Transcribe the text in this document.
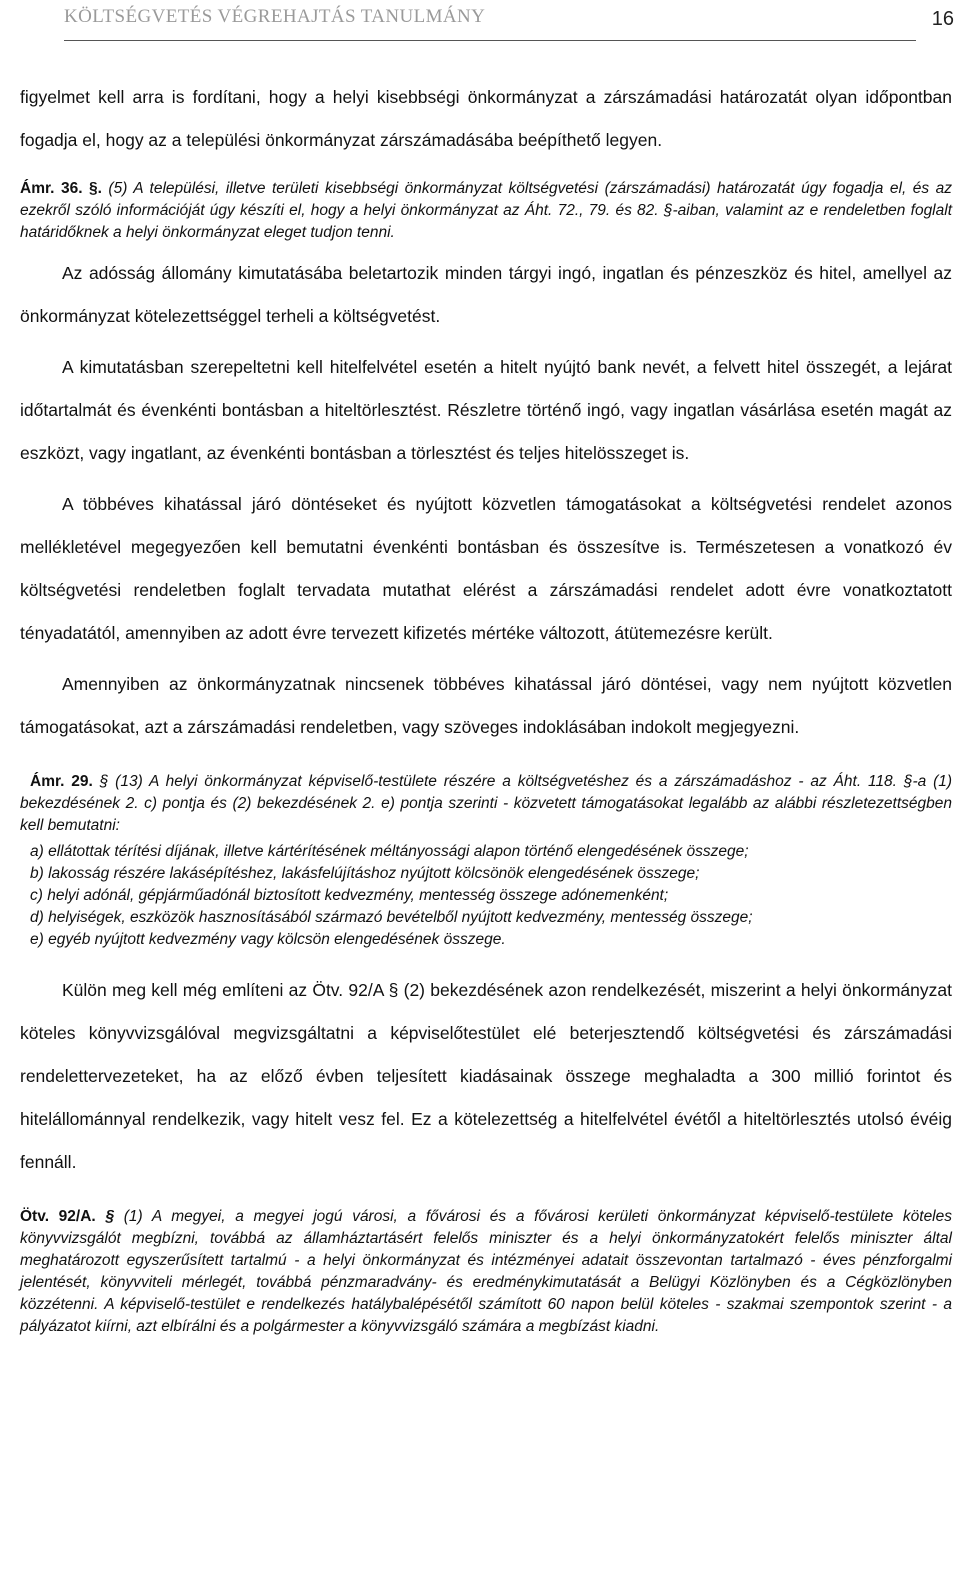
KÖLTSÉGVETÉS VÉGREHAJTÁS TANULMÁNY	16

figyelmet kell arra is fordítani, hogy a helyi kisebbségi önkormányzat a zárszámadási határozatát olyan időpontban fogadja el, hogy az a települési önkormányzat zárszámadásába beépíthető legyen.

Ámr. 36. §. (5) A települési, illetve területi kisebbségi önkormányzat költségvetési (zárszámadási) határozatát úgy fogadja el, és az ezekről szóló információját úgy készíti el, hogy a helyi önkormányzat az Áht. 72., 79. és 82. §-aiban, valamint az e rendeletben foglalt határidőknek a helyi önkormányzat eleget tudjon tenni.

Az adósság állomány kimutatásába beletartozik minden tárgyi ingó, ingatlan és pénzeszköz és hitel, amellyel az önkormányzat kötelezettséggel terheli a költségvetést.

A kimutatásban szerepeltetni kell hitelfelvétel esetén a hitelt nyújtó bank nevét, a felvett hitel összegét, a lejárat időtartalmát és évenkénti bontásban a hiteltörlesztést. Részletre történő ingó, vagy ingatlan vásárlása esetén magát az eszközt, vagy ingatlant, az évenkénti bontásban a törlesztést és teljes hitelösszeget is.

A többéves kihatással járó döntéseket és nyújtott közvetlen támogatásokat a költségvetési rendelet azonos mellékletével megegyezően kell bemutatni évenkénti bontásban és összesítve is. Természetesen a vonatkozó év költségvetési rendeletben foglalt tervadata mutathat elérést a zárszámadási rendelet adott évre vonatkoztatott tényadatától, amennyiben az adott évre tervezett kifizetés mértéke változott, átütemezésre került.

Amennyiben az önkormányzatnak nincsenek többéves kihatással járó döntései, vagy nem nyújtott közvetlen támogatásokat, azt a zárszámadási rendeletben, vagy szöveges indoklásában indokolt megjegyezni.

Ámr. 29. § (13) A helyi önkormányzat képviselő-testülete részére a költségvetéshez és a zárszámadáshoz - az Áht. 118. §-a (1) bekezdésének 2. c) pontja és (2) bekezdésének 2. e) pontja szerinti - közvetett támogatásokat legalább az alábbi részletezettségben kell bemutatni:

a) ellátottak térítési díjának, illetve kártérítésének méltányossági alapon történő elengedésének összege;
b) lakosság részére lakásépítéshez, lakásfelújításhoz nyújtott kölcsönök elengedésének összege;
c) helyi adónál, gépjárműadónál biztosított kedvezmény, mentesség összege adónemenként;
d) helyiségek, eszközök hasznosításából származó bevételből nyújtott kedvezmény, mentesség összege;
e) egyéb nyújtott kedvezmény vagy kölcsön elengedésének összege.

Külön meg kell még említeni az Ötv. 92/A § (2) bekezdésének azon rendelkezését, miszerint a helyi önkormányzat köteles könyvvizsgálóval megvizsgáltatni a képviselőtestület elé beterjesztendő költségvetési és zárszámadási rendelettervezeteket, ha az előző évben teljesített kiadásainak összege meghaladta a 300 millió forintot és hitelállománnyal rendelkezik, vagy hitelt vesz fel. Ez a kötelezettség a hitelfelvétel évétől a hiteltörlesztés utolsó évéig fennáll.

Ötv. 92/A. § (1) A megyei, a megyei jogú városi, a fővárosi és a fővárosi kerületi önkormányzat képviselő-testülete köteles könyvvizsgálót megbízni, továbbá az államháztartásért felelős miniszter és a helyi önkormányzatokért felelős miniszter által meghatározott egyszerűsített tartalmú - a helyi önkormányzat és intézményei adatait összevontan tartalmazó - éves pénzforgalmi jelentését, könyvviteli mérlegét, továbbá pénzmaradvány- és eredménykimutatását a Belügyi Közlönyben és a Cégközlönyben közzétenni. A képviselő-testület e rendelkezés hatálybalépésétől számított 60 napon belül köteles - szakmai szempontok szerint - a pályázatot kiírni, azt elbírálni és a polgármester a könyvvizsgáló számára a megbízást kiadni.
